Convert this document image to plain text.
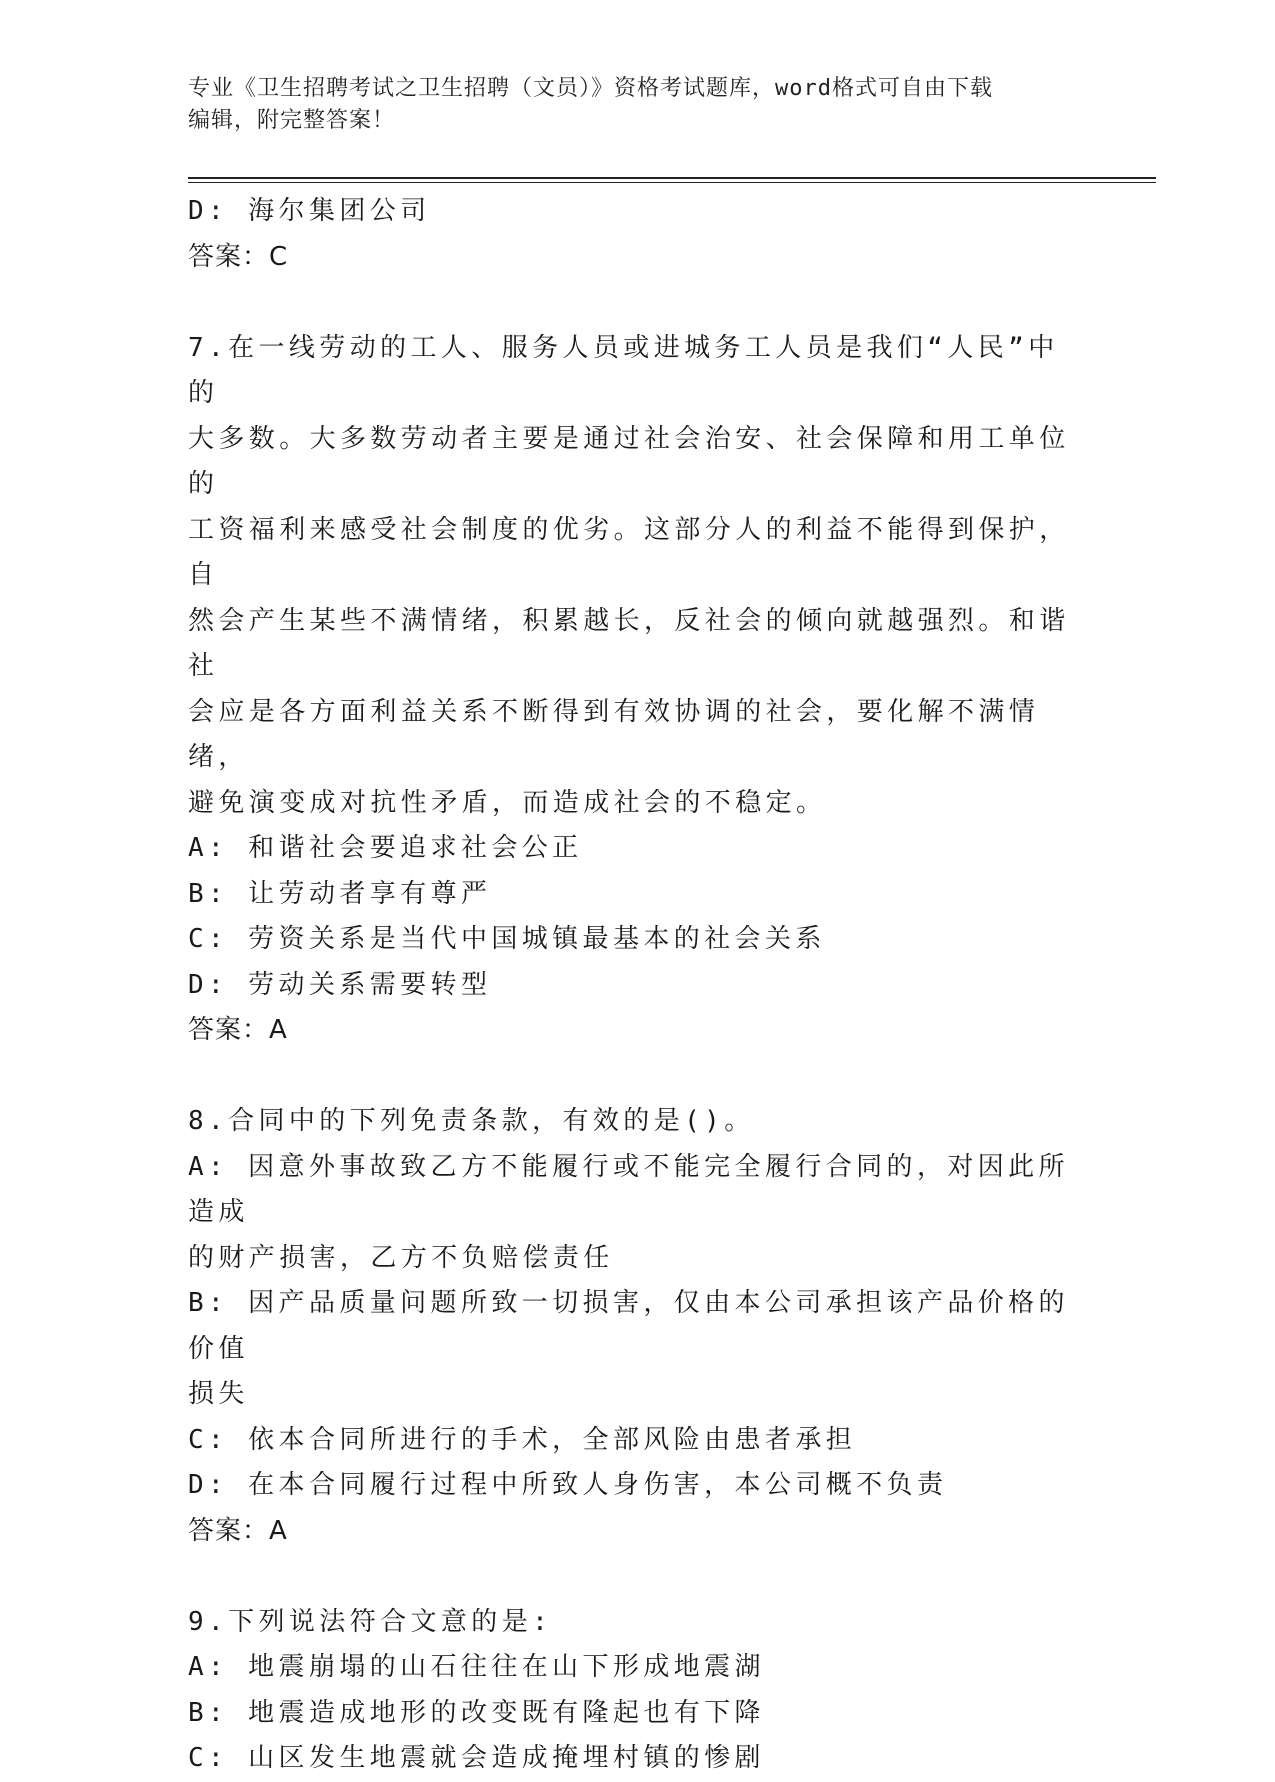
专业《卫生招聘考试之卫生招聘（文员）》资格考试题库，word格式可自由下载
编辑，附完整答案！

D: 海尔集团公司

答案：C

7.在一线劳动的工人、服务人员或进城务工人员是我们“人民”中的

大多数。大多数劳动者主要是通过社会治安、社会保障和用工单位的

工资福利来感受社会制度的优劣。这部分人的利益不能得到保护，自

然会产生某些不满情绪，积累越长，反社会的倾向就越强烈。和谐社

会应是各方面利益关系不断得到有效协调的社会，要化解不满情绪，

避免演变成对抗性矛盾，而造成社会的不稳定。

A: 和谐社会要追求社会公正

B: 让劳动者享有尊严

C: 劳资关系是当代中国城镇最基本的社会关系

D: 劳动关系需要转型

答案：A

8.合同中的下列免责条款，有效的是()。

A: 因意外事故致乙方不能履行或不能完全履行合同的，对因此所造成

的财产损害，乙方不负赔偿责任

B: 因产品质量问题所致一切损害，仅由本公司承担该产品价格的价值

损失

C: 依本合同所进行的手术，全部风险由患者承担

D: 在本合同履行过程中所致人身伤害，本公司概不负责

答案：A

9.下列说法符合文意的是:

A: 地震崩塌的山石往往在山下形成地震湖

B: 地震造成地形的改变既有隆起也有下降

C: 山区发生地震就会造成掩埋村镇的惨剧
